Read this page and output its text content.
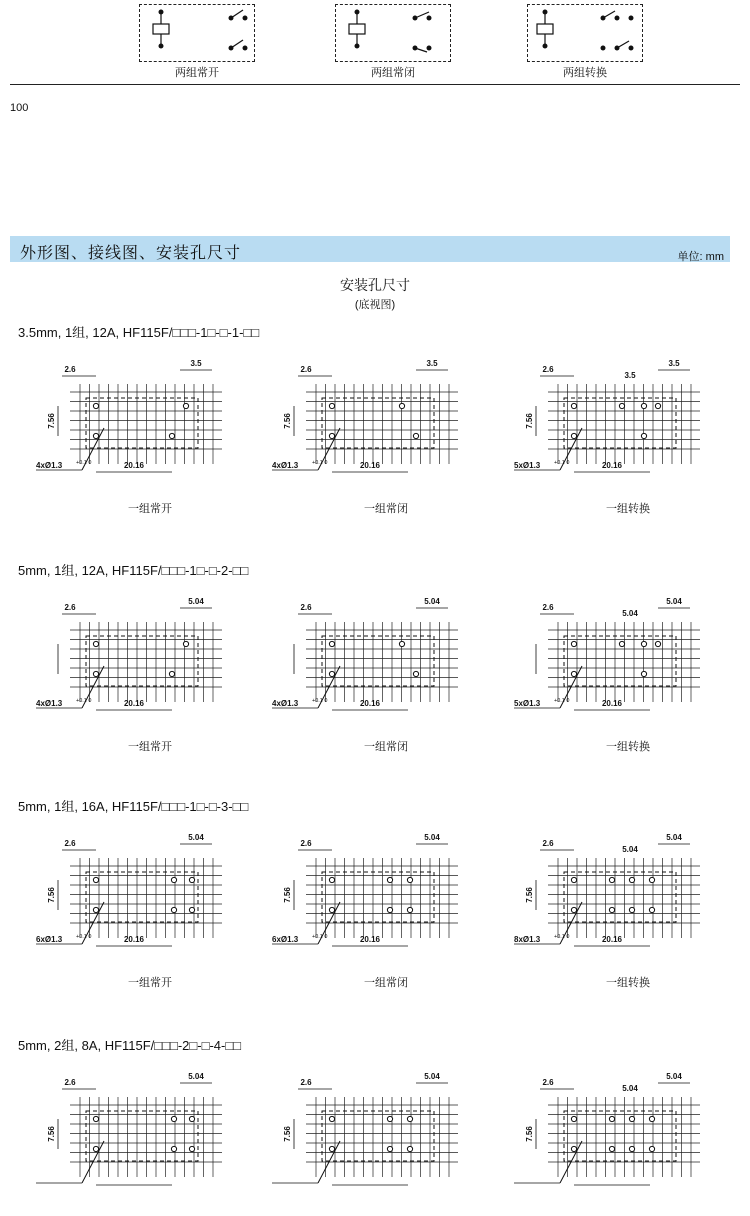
两组常开	两组常闭	两组转换
100
外形图、接线图、安装孔尺寸	单位: mm
安装孔尺寸
(底视图)
3.5mm, 1组, 12A, HF115F/□□□-1□-□-1-□□
2.6
3.5
7.56
20.16
4xØ1.3	+0.1 0
一组常开
2.6
3.5
7.56
20.16
4xØ1.3	+0.1 0
一组常闭
2.6
3.5
3.5
7.56
20.16
5xØ1.3	+0.1 0
一组转换
5mm, 1组, 12A, HF115F/□□□-1□-□-2-□□
2.6
5.04
20.16
4xØ1.3	+0.1 0
一组常开
2.6
5.04
20.16
4xØ1.3	+0.1 0
一组常闭
2.6
5.04
5.04
20.16
5xØ1.3	+0.1 0
一组转换
5mm, 1组, 16A, HF115F/□□□-1□-□-3-□□
2.6
5.04
7.56
20.16
6xØ1.3	+0.1 0
一组常开
2.6
5.04
7.56
20.16
6xØ1.3	+0.1 0
一组常闭
2.6
5.04
5.04
7.56
20.16
8xØ1.3	+0.1 0
一组转换
5mm, 2组, 8A, HF115F/□□□-2□-□-4-□□
2.6
5.04
7.56
2.6
5.04
7.56
2.6
5.04
5.04
7.56
